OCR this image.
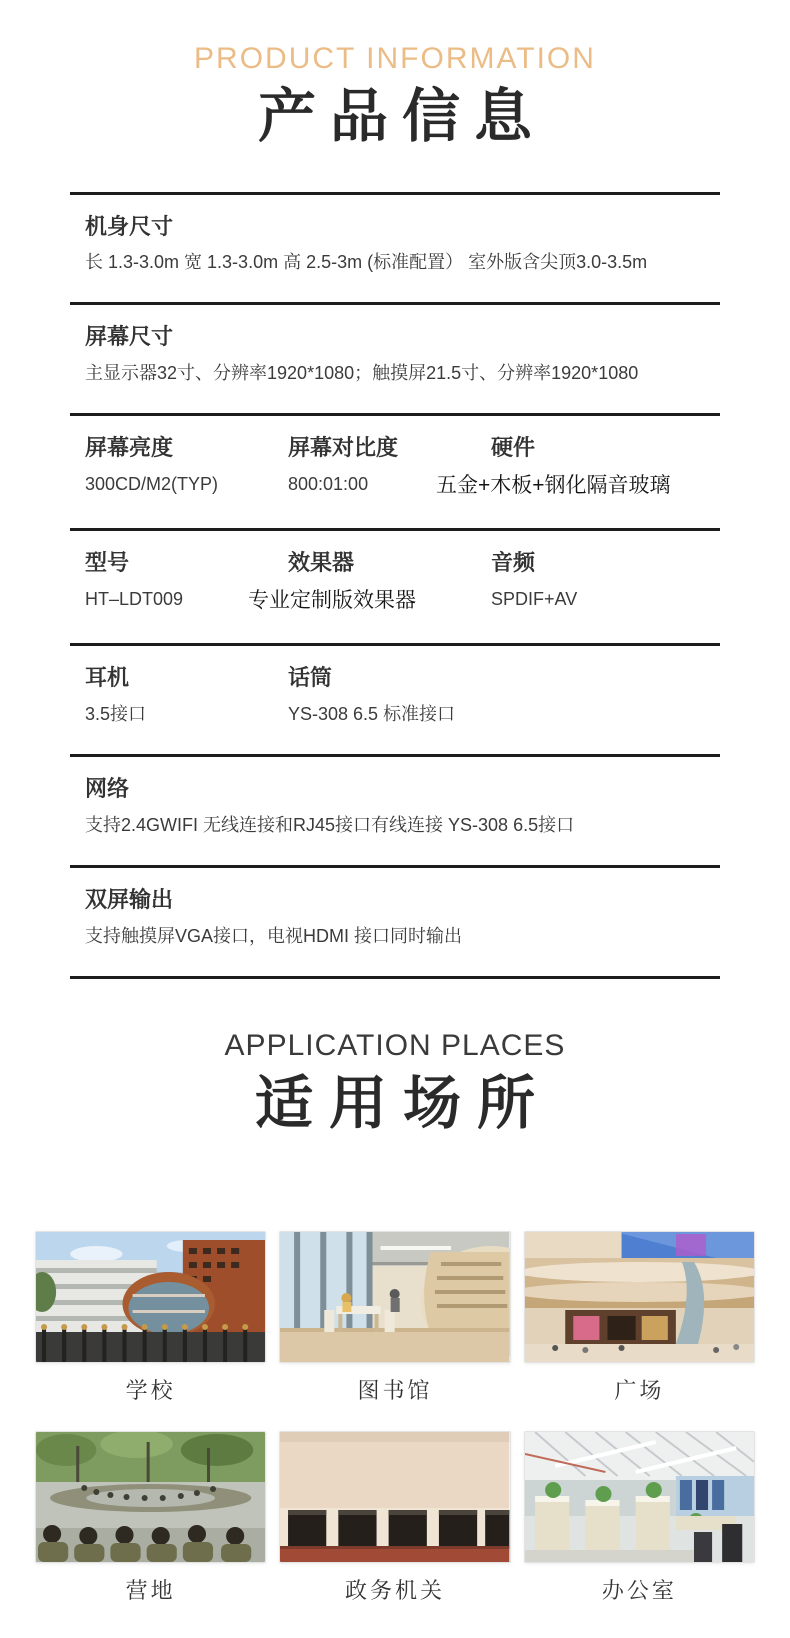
PRODUCT INFORMATION
产品信息
机身尺寸
长 1.3-3.0m 宽 1.3-3.0m 高 2.5-3m (标准配置） 室外版含尖顶3.0-3.5m
屏幕尺寸
主显示器32寸、分辨率1920*1080；触摸屏21.5寸、分辨率1920*1080
屏幕亮度
300CD/M2(TYP)
屏幕对比度
800:01:00
硬件
五金+木板+钢化隔音玻璃
型号
HT–LDT009
效果器
专业定制版效果器
音频
SPDIF+AV
耳机
3.5接口
话筒
YS-308 6.5 标准接口
网络
支持2.4GWIFI 无线连接和RJ45接口有线连接 YS-308 6.5接口
双屏输出
支持触摸屏VGA接口，电视HDMI 接口同时输出
APPLICATION PLACES
适用场所
学校	图书馆	广场
营地	政务机关	办公室
